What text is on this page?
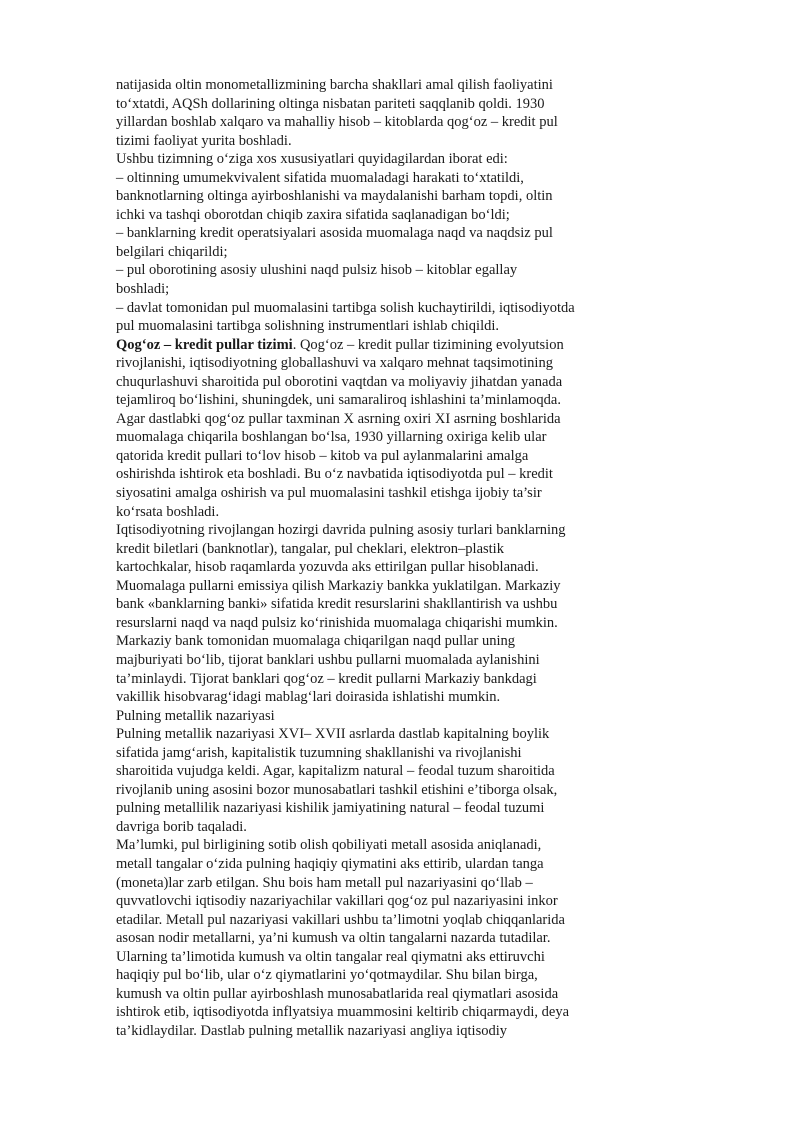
natijasida oltin monometallizmining barcha shakllari amal qilish faoliyatini
to‘xtatdi, AQSh dollarining oltinga nisbatan pariteti saqqlanib qoldi. 1930
yillardan boshlab xalqaro va mahalliy hisob – kitoblarda qog‘oz – kredit pul
tizimi faoliyat yurita boshladi.
Ushbu tizimning o‘ziga xos xususiyatlari quyidagilardan iborat edi:
– oltinning umumekvivalent sifatida muomaladagi harakati to‘xtatildi,
banknotlarning oltinga ayirboshlanishi va maydalanishi barham topdi, oltin
ichki va tashqi oborotdan chiqib zaxira sifatida saqlanadigan bo‘ldi;
– banklarning kredit operatsiyalari asosida muomalaga naqd va naqdsiz pul
belgilari chiqarildi;
– pul oborotining asosiy ulushini naqd pulsiz hisob – kitoblar egallay
boshladi;
– davlat tomonidan pul muomalasini tartibga solish kuchaytirildi, iqtisodiyotda
pul muomalasini tartibga solishning instrumentlari ishlab chiqildi.
Qog‘oz – kredit pullar tizimi. Qog‘oz – kredit pullar tizimining evolyutsion
rivojlanishi, iqtisodiyotning globallashuvi va xalqaro mehnat taqsimotining
chuqurlashuvi sharoitida pul oborotini vaqtdan va moliyaviy jihatdan yanada
tejamliroq bo‘lishini, shuningdek, uni samaraliroq ishlashini ta’minlamoqda.
Agar dastlabki qog‘oz pullar taxminan X asrning oxiri XI asrning boshlarida
muomalaga chiqarila boshlangan bo‘lsa, 1930 yillarning oxiriga kelib ular
qatorida kredit pullari to‘lov hisob – kitob va pul aylanmalarini amalga
oshirishda ishtirok eta boshladi. Bu o‘z navbatida iqtisodiyotda pul – kredit
siyosatini amalga oshirish va pul muomalasini tashkil etishga ijobiy ta’sir
ko‘rsata boshladi.
Iqtisodiyotning rivojlangan hozirgi davrida pulning asosiy turlari banklarning
kredit biletlari (banknotlar), tangalar, pul cheklari, elektron–plastik
kartochkalar, hisob raqamlarda yozuvda aks ettirilgan pullar hisoblanadi.
Muomalaga pullarni emissiya qilish Markaziy bankka yuklatilgan. Markaziy
bank «banklarning banki» sifatida kredit resurslarini shakllantirish va ushbu
resurslarni naqd va naqd pulsiz ko‘rinishida muomalaga chiqarishi mumkin.
Markaziy bank tomonidan muomalaga chiqarilgan naqd pullar uning
majburiyati bo‘lib, tijorat banklari ushbu pullarni muomalada aylanishini
ta’minlaydi. Tijorat banklari qog‘oz – kredit pullarni Markaziy bankdagi
vakillik hisobvarag‘idagi mablag‘lari doirasida ishlatishi mumkin.
Pulning metallik nazariyasi
Pulning metallik nazariyasi XVI– XVII asrlarda dastlab kapitalning boylik
sifatida jamg‘arish, kapitalistik tuzumning shakllanishi va rivojlanishi
sharoitida vujudga keldi. Agar, kapitalizm natural – feodal tuzum sharoitida
rivojlanib uning asosini bozor munosabatlari tashkil etishini e’tiborga olsak,
pulning metallilik nazariyasi kishilik jamiyatining natural – feodal tuzumi
davriga borib taqaladi.
Ma’lumki, pul birligining sotib olish qobiliyati metall asosida aniqlanadi,
metall tangalar o‘zida pulning haqiqiy qiymatini aks ettirib, ulardan tanga
(moneta)lar zarb etilgan. Shu bois ham metall pul nazariyasini qo‘llab –
quvvatlovchi iqtisodiy nazariyachilar vakillari qog‘oz pul nazariyasini inkor
etadilar. Metall pul nazariyasi vakillari ushbu ta’limotni yoqlab chiqqanlarida
asosan nodir metallarni, ya’ni kumush va oltin tangalarni nazarda tutadilar.
Ularning ta’limotida kumush va oltin tangalar real qiymatni aks ettiruvchi
haqiqiy pul bo‘lib, ular o‘z qiymatlarini yo‘qotmaydilar. Shu bilan birga,
kumush va oltin pullar ayirboshlash munosabatlarida real qiymatlari asosida
ishtirok etib, iqtisodiyotda inflyatsiya muammosini keltirib chiqarmaydi, deya
ta’kidlaydilar. Dastlab pulning metallik nazariyasi angliya iqtisodiy
